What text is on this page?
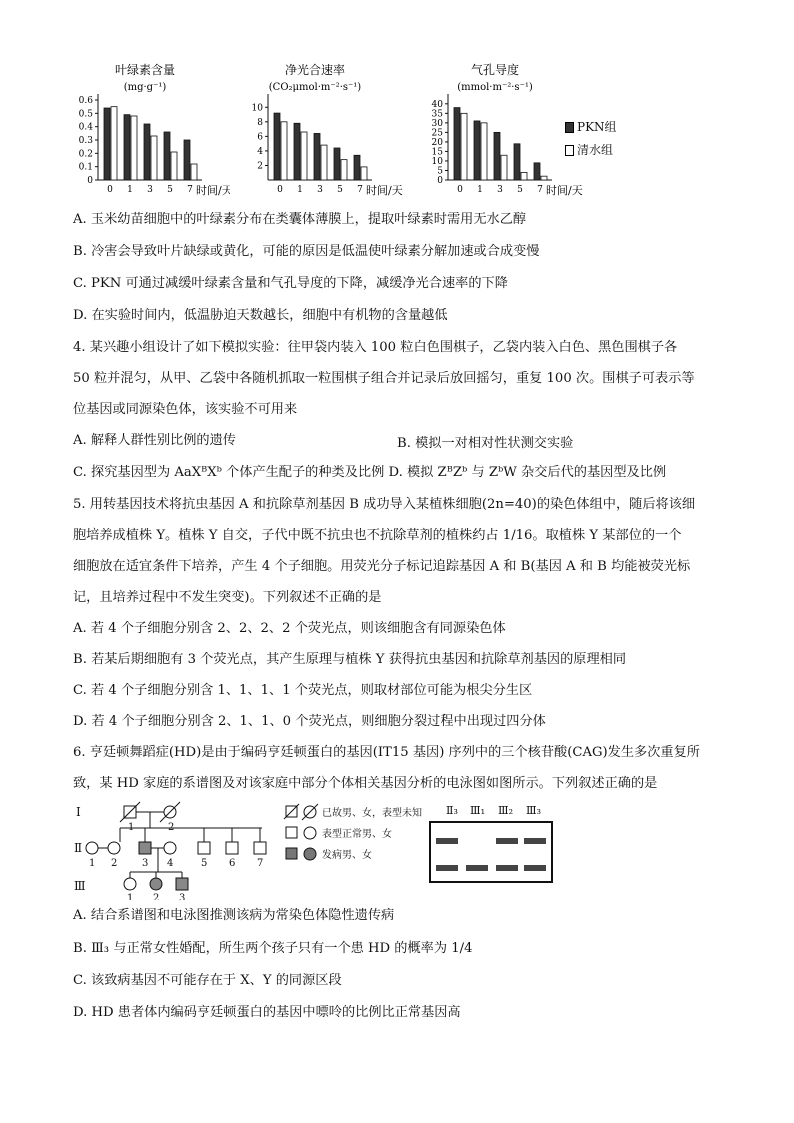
叶绿素含量
(mg·g⁻¹)
0
0.1
0.2
0.3
0.4
0.5
0.6
0 1 3 5 7 时间/天
净光合速率
(CO₂μmol·m⁻²·s⁻¹)
2
4
6
8
10
0 1 3 5 7 时间/天
气孔导度
(mmol·m⁻²·s⁻¹)
0
5
10
15
20
25
30
35
40
0 1 3 5 7 时间/天
PKN组
清水组
A. 玉米幼苗细胞中的叶绿素分布在类囊体薄膜上，提取叶绿素时需用无水乙醇
B. 冷害会导致叶片缺绿或黄化，可能的原因是低温使叶绿素分解加速或合成变慢
C. PKN 可通过减缓叶绿素含量和气孔导度的下降，减缓净光合速率的下降
D. 在实验时间内，低温胁迫天数越长，细胞中有机物的含量越低
4. 某兴趣小组设计了如下模拟实验：往甲袋内装入 100 粒白色围棋子，乙袋内装入白色、黑色围棋子各
50 粒并混匀，从甲、乙袋中各随机抓取一粒围棋子组合并记录后放回摇匀，重复 100 次。围棋子可表示等
位基因或同源染色体，该实验不可用来
A. 解释人群性别比例的遗传	B. 模拟一对相对性状测交实验
C. 探究基因型为 AaXᴮXᵇ 个体产生配子的种类及比例 D. 模拟 ZᴮZᵇ 与 ZᵇW 杂交后代的基因型及比例
5. 用转基因技术将抗虫基因 A 和抗除草剂基因 B 成功导入某植株细胞(2n=40)的染色体组中，随后将该细
胞培养成植株 Y。植株 Y 自交，子代中既不抗虫也不抗除草剂的植株约占 1/16。取植株 Y 某部位的一个
细胞放在适宜条件下培养，产生 4 个子细胞。用荧光分子标记追踪基因 A 和 B(基因 A 和 B 均能被荧光标
记，且培养过程中不发生突变)。下列叙述不正确的是
A. 若 4 个子细胞分别含 2、2、2、2 个荧光点，则该细胞含有同源染色体
B. 若某后期细胞有 3 个荧光点，其产生原理与植株 Y 获得抗虫基因和抗除草剂基因的原理相同
C. 若 4 个子细胞分别含 1、1、1、1 个荧光点，则取材部位可能为根尖分生区
D. 若 4 个子细胞分别含 2、1、1、0 个荧光点，则细胞分裂过程中出现过四分体
6. 亨廷顿舞蹈症(HD)是由于编码亨廷顿蛋白的基因(IT15 基因) 序列中的三个核苷酸(CAG)发生多次重复所
致，某 HD 家庭的系谱图及对该家庭中部分个体相关基因分析的电泳图如图所示。下列叙述正确的是
Ⅰ
Ⅱ
Ⅲ
1	2
1 2 3 4	5 6 7
1 2 3
已故男、女，表型未知
表型正常男、女
发病男、女
Ⅱ₃ Ⅲ₁ Ⅲ₂ Ⅲ₃
A. 结合系谱图和电泳图推测该病为常染色体隐性遗传病
B. Ⅲ₃ 与正常女性婚配，所生两个孩子只有一个患 HD 的概率为 1/4
C. 该致病基因不可能存在于 X、Y 的同源区段
D. HD 患者体内编码亨廷顿蛋白的基因中嘌呤的比例比正常基因高
